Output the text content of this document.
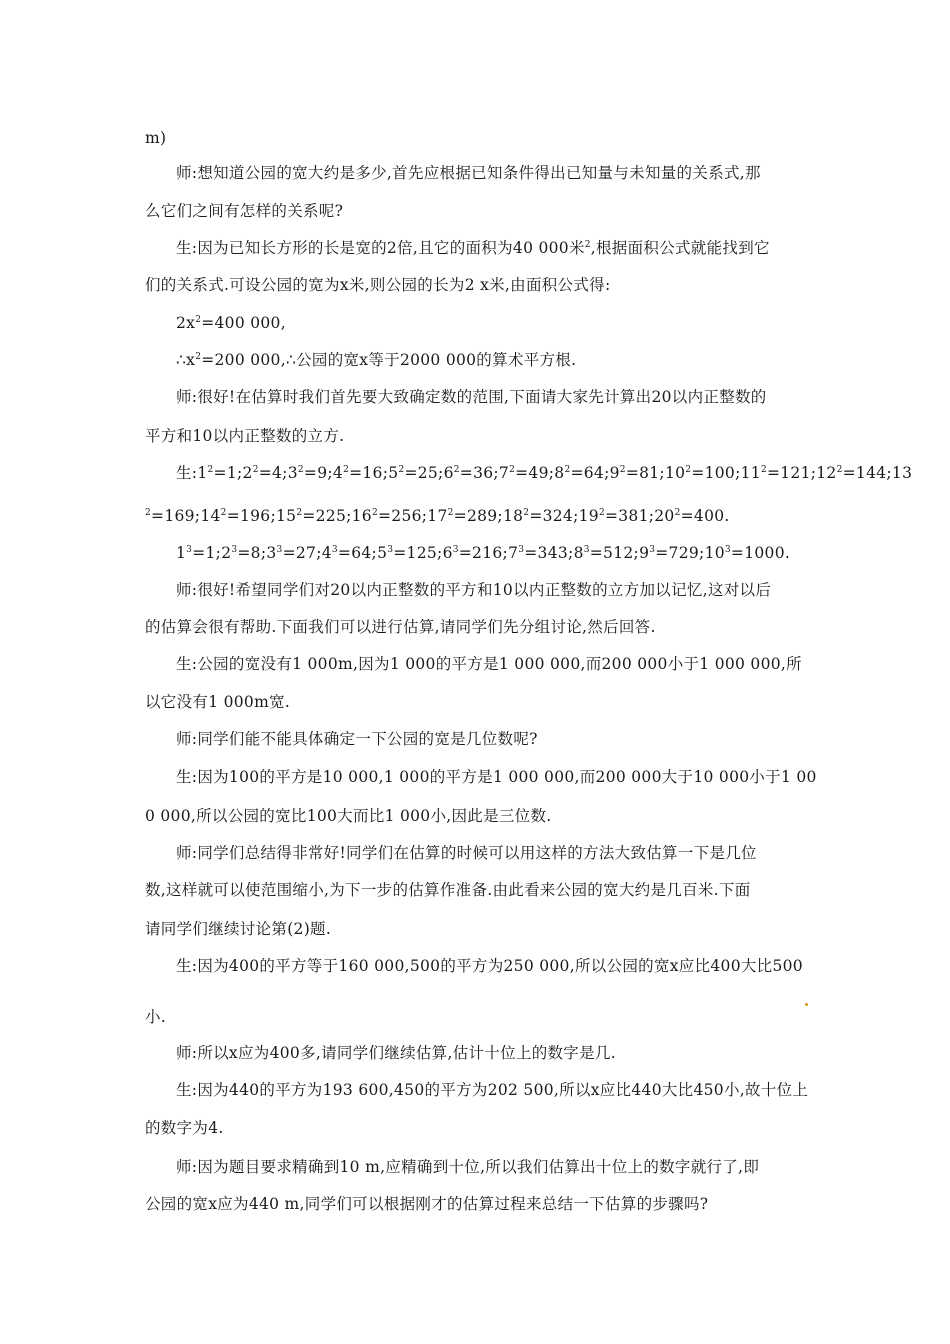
m)
师:想知道公园的宽大约是多少,首先应根据已知条件得出已知量与未知量的关系式,那
么它们之间有怎样的关系呢?
生:因为已知长方形的长是宽的2倍,且它的面积为40 000米$^2$,根据面积公式就能找到它
们的关系式.可设公园的宽为x米,则公园的长为2 x米,由面积公式得:
$2x^2=400$ 000,
$\therefore x^2=200$ 000,∴公园的宽x等于2000 000的算术平方根.
师:很好!在估算时我们首先要大致确定数的范围,下面请大家先计算出20以内正整数的
平方和10以内正整数的立方.
生$:1^2=1;2^2=4;3^2=9;4^2=16;5^2=25;6^2=36;7^2=49;8^2=64;9^2=81;10^2=100;11^2=121;12^2=144;13$
$^2=169;14^2=196;15^2=225;16^2=256;17^2=289;18^2=324;19^2=381;20^2=400$.
$1^3=1;2^3=8;3^3=27;4^3=64;5^3=125;6^3=216;7^3=343;8^3=512;9^3=729;10^3=1000$.
师:很好!希望同学们对20以内正整数的平方和10以内正整数的立方加以记忆,这对以后
的估算会很有帮助.下面我们可以进行估算,请同学们先分组讨论,然后回答.
生:公园的宽没有1 000m,因为1 000的平方是1 000 000,而200 000小于1 000 000,所
以它没有1 000m宽.
师:同学们能不能具体确定一下公园的宽是几位数呢?
生:因为100的平方是10 000,1 000的平方是1 000 000,而200 000大于10 000小于1 00
0 000,所以公园的宽比100大而比1 000小,因此是三位数.
师:同学们总结得非常好!同学们在估算的时候可以用这样的方法大致估算一下是几位
数,这样就可以使范围缩小,为下一步的估算作准备.由此看来公园的宽大约是几百米.下面
请同学们继续讨论第(2)题.
生:因为400的平方等于160 000,500的平方为250 000,所以公园的宽x应比400大比500
小.
师:所以x应为400多,请同学们继续估算,估计十位上的数字是几.
生:因为440的平方为193 600,450的平方为202 500,所以x应比440大比450小,故十位上
的数字为4.
师:因为题目要求精确到10 m,应精确到十位,所以我们估算出十位上的数字就行了,即
公园的宽x应为440 m,同学们可以根据刚才的估算过程来总结一下估算的步骤吗?
